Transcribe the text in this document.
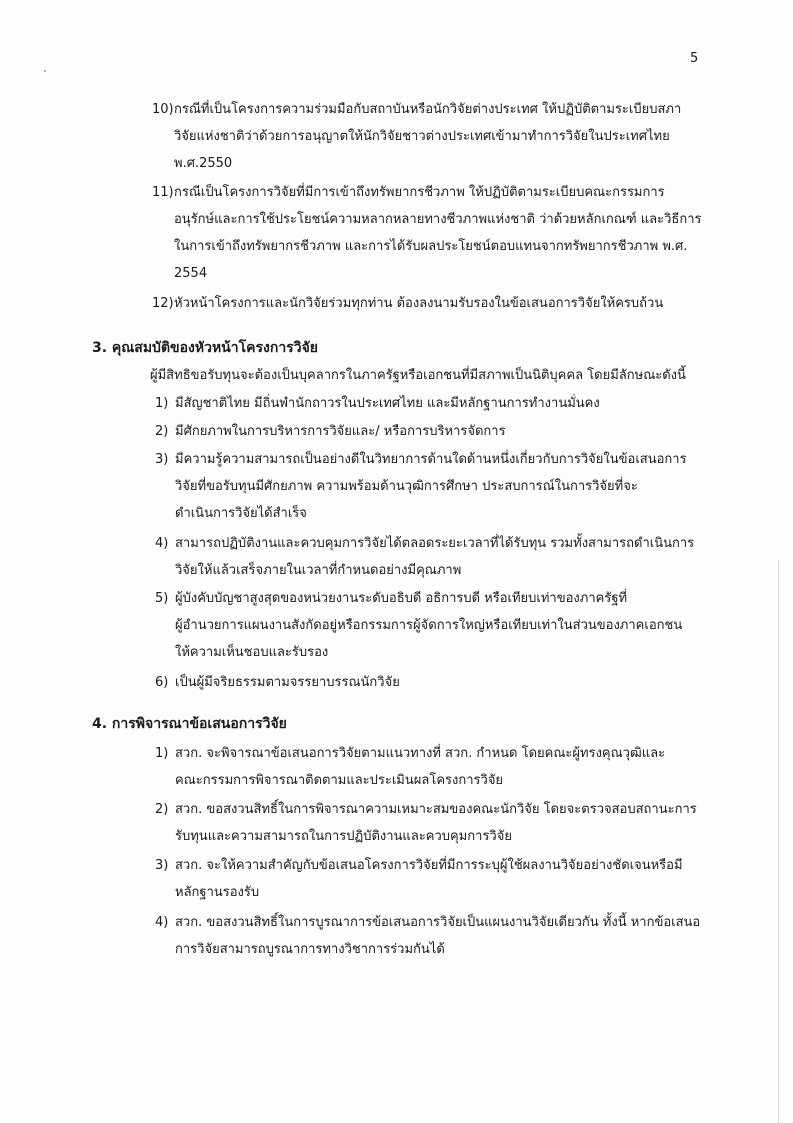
5
10) กรณีที่เป็นโครงการความร่วมมือกับสถาบันหรือนักวิจัยต่างประเทศ ให้ปฏิบัติตามระเบียบสภา
วิจัยแห่งชาติว่าด้วยการอนุญาตให้นักวิจัยชาวต่างประเทศเข้ามาทำการวิจัยในประเทศไทย
พ.ศ.2550
11) กรณีเป็นโครงการวิจัยที่มีการเข้าถึงทรัพยากรชีวภาพ ให้ปฏิบัติตามระเบียบคณะกรรมการ
อนุรักษ์และการใช้ประโยชน์ความหลากหลายทางชีวภาพแห่งชาติ ว่าด้วยหลักเกณฑ์ และวิธีการ
ในการเข้าถึงทรัพยากรชีวภาพ และการได้รับผลประโยชน์ตอบแทนจากทรัพยากรชีวภาพ พ.ศ.
2554
12) หัวหน้าโครงการและนักวิจัยร่วมทุกท่าน ต้องลงนามรับรองในข้อเสนอการวิจัยให้ครบถ้วน
3. คุณสมบัติของหัวหน้าโครงการวิจัย
ผู้มีสิทธิขอรับทุนจะต้องเป็นบุคลากรในภาครัฐหรือเอกชนที่มีสภาพเป็นนิติบุคคล โดยมีลักษณะดังนี้
1) มีสัญชาติไทย มีถิ่นพำนักถาวรในประเทศไทย และมีหลักฐานการทำงานมั่นคง
2) มีศักยภาพในการบริหารการวิจัยและ/ หรือการบริหารจัดการ
3) มีความรู้ความสามารถเป็นอย่างดีในวิทยาการด้านใดด้านหนึ่งเกี่ยวกับการวิจัยในข้อเสนอการ
วิจัยที่ขอรับทุนมีศักยภาพ ความพร้อมด้านวุฒิการศึกษา ประสบการณ์ในการวิจัยที่จะ
ดำเนินการวิจัยได้สำเร็จ
4) สามารถปฏิบัติงานและควบคุมการวิจัยได้ตลอดระยะเวลาที่ได้รับทุน รวมทั้งสามารถดำเนินการ
วิจัยให้แล้วเสร็จภายในเวลาที่กำหนดอย่างมีคุณภาพ
5) ผู้บังคับบัญชาสูงสุดของหน่วยงานระดับอธิบดี อธิการบดี หรือเทียบเท่าของภาครัฐที่
ผู้อำนวยการแผนงานสังกัดอยู่หรือกรรมการผู้จัดการใหญ่หรือเทียบเท่าในส่วนของภาคเอกชน
ให้ความเห็นชอบและรับรอง
6) เป็นผู้มีจริยธรรมตามจรรยาบรรณนักวิจัย
4. การพิจารณาข้อเสนอการวิจัย
1) สวก. จะพิจารณาข้อเสนอการวิจัยตามแนวทางที่ สวก. กำหนด โดยคณะผู้ทรงคุณวุฒิและ
คณะกรรมการพิจารณาติดตามและประเมินผลโครงการวิจัย
2) สวก. ขอสงวนสิทธิ์ในการพิจารณาความเหมาะสมของคณะนักวิจัย โดยจะตรวจสอบสถานะการ
รับทุนและความสามารถในการปฏิบัติงานและควบคุมการวิจัย
3) สวก. จะให้ความสำคัญกับข้อเสนอโครงการวิจัยที่มีการระบุผู้ใช้ผลงานวิจัยอย่างชัดเจนหรือมี
หลักฐานรองรับ
4) สวก. ขอสงวนสิทธิ์ในการบูรณาการข้อเสนอการวิจัยเป็นแผนงานวิจัยเดียวกัน ทั้งนี้ หากข้อเสนอ
การวิจัยสามารถบูรณาการทางวิชาการร่วมกันได้
